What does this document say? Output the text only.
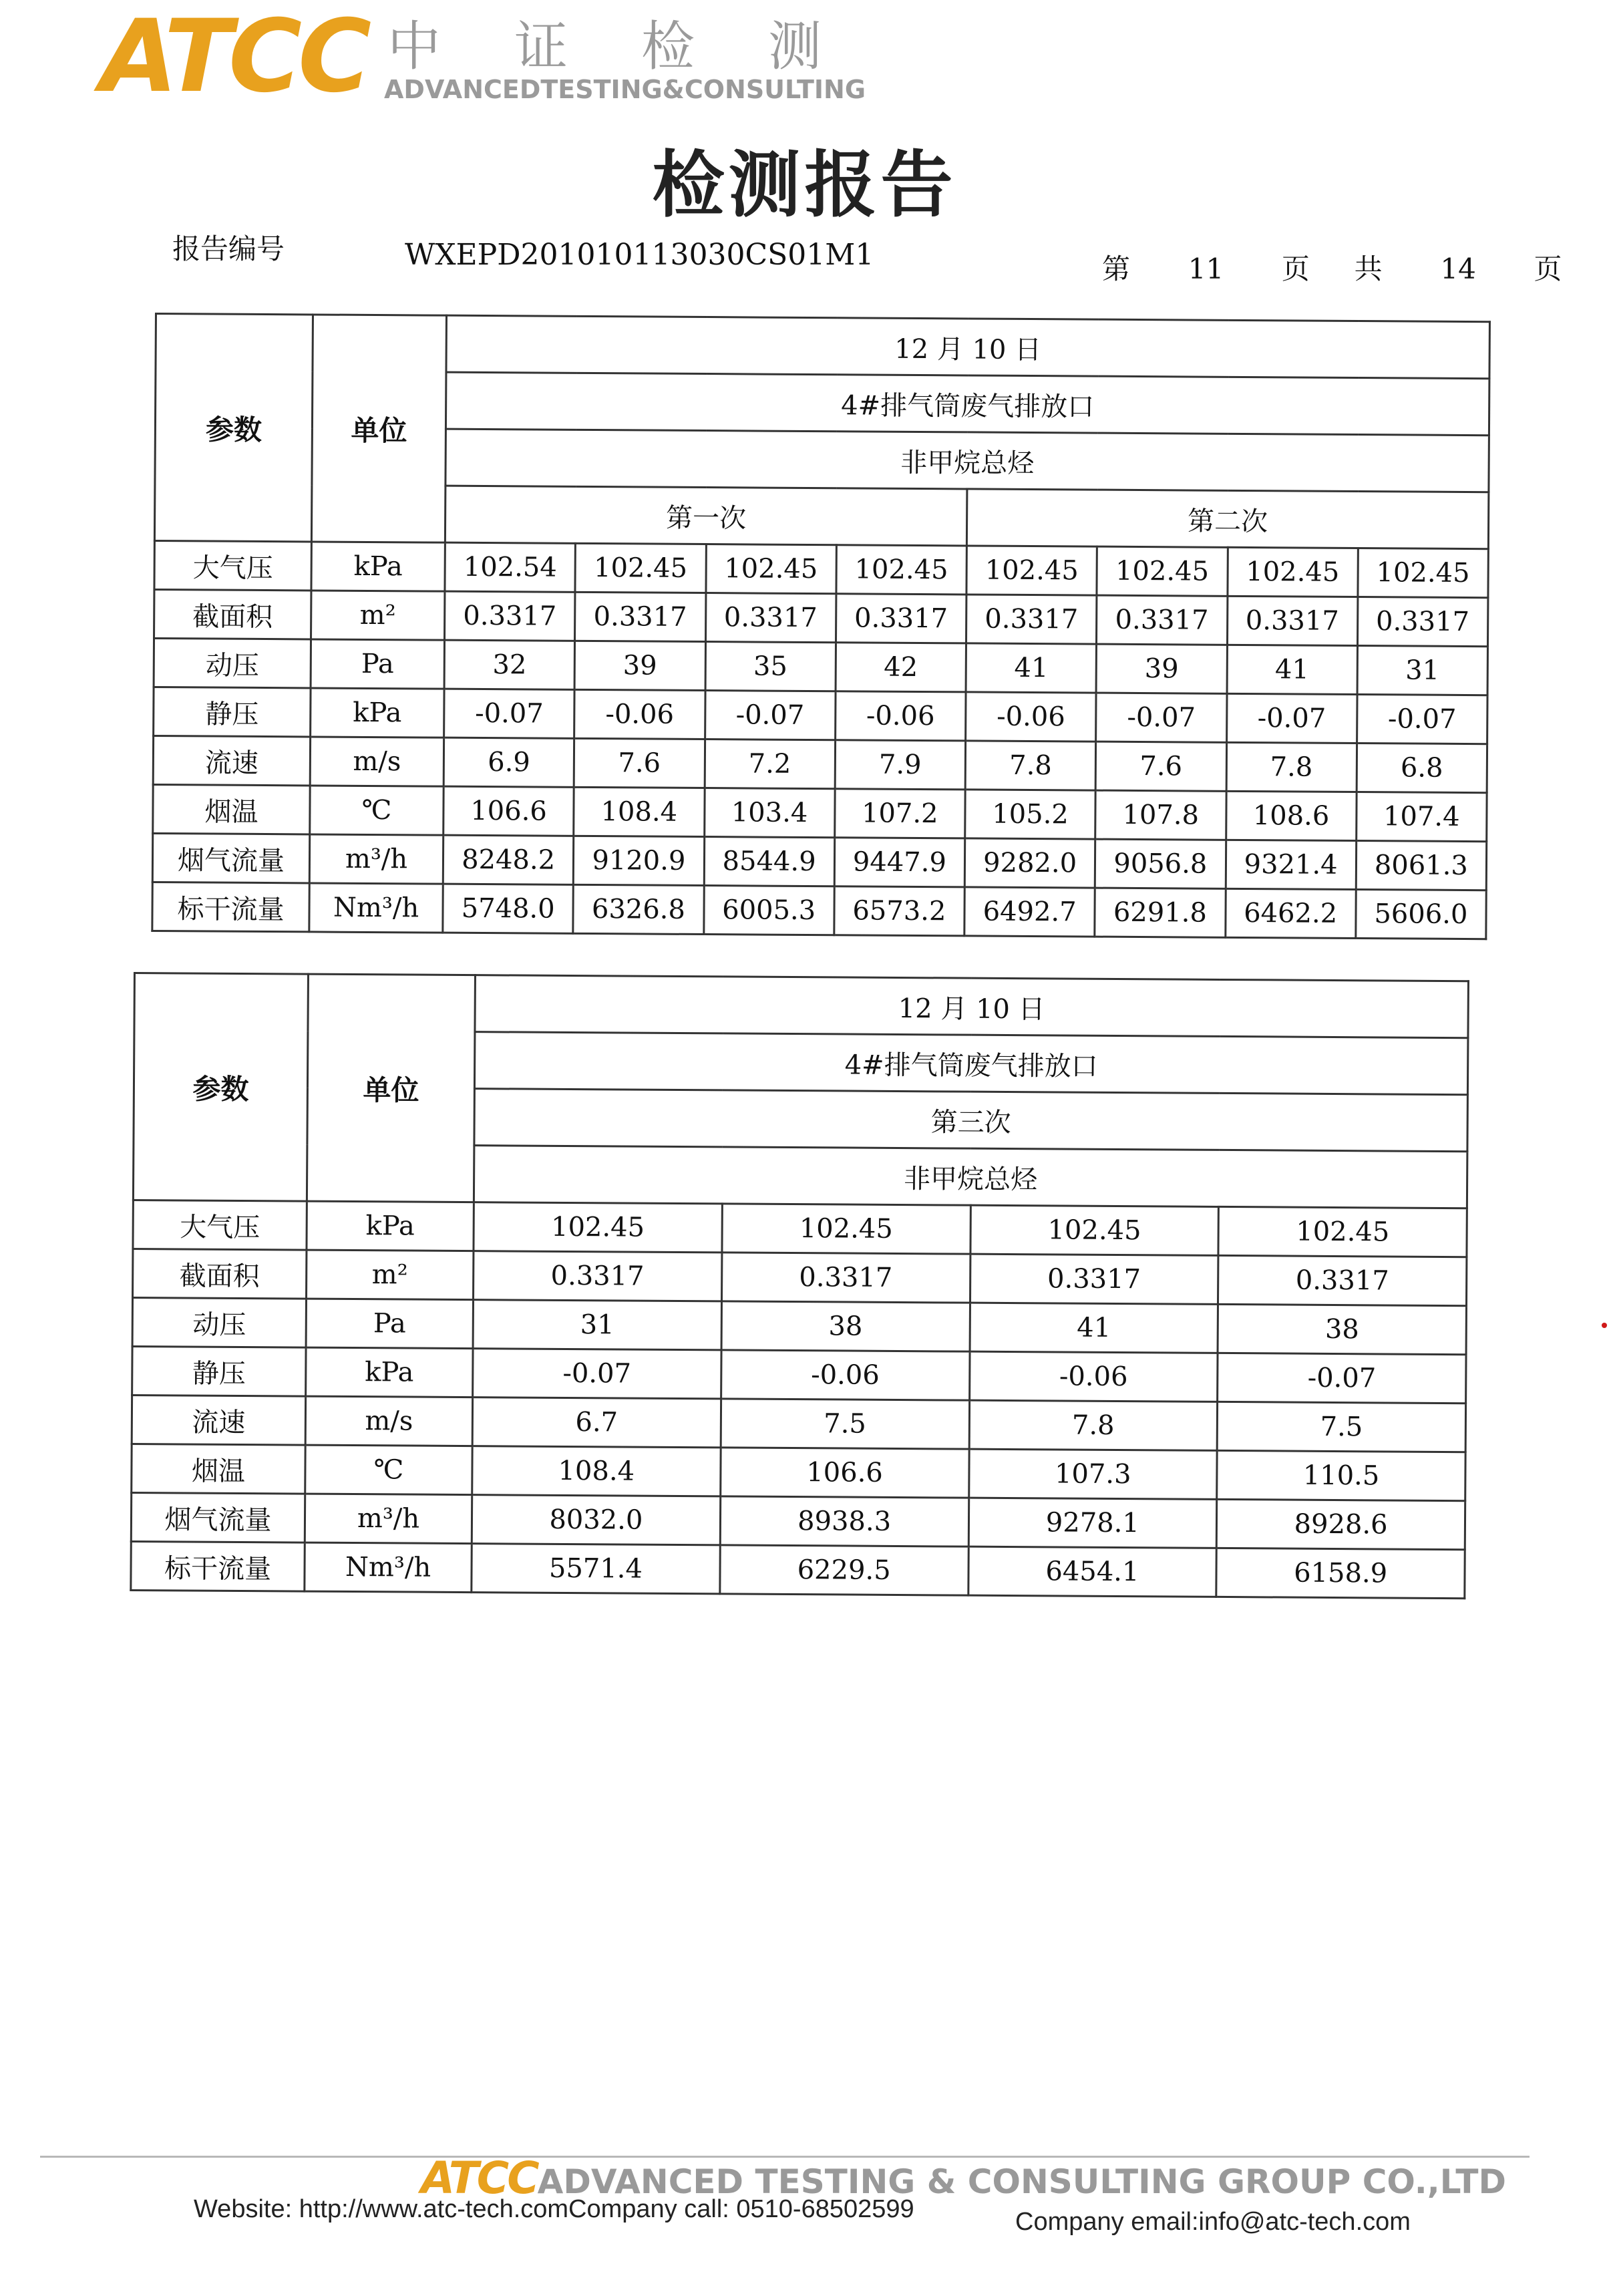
ATCC 中证检测
ADVANCEDTESTING&CONSULTING
检测报告
报告编号	WXEPD201010113030CS01M1	第 11 页 共 14 页
参数	单位	12 月 10 日							
		4#排气筒废气排放口							
		非甲烷总烃							
		第一次				第二次			
大气压	kPa	102.54	102.45	102.45	102.45	102.45	102.45	102.45	102.45
截面积	m²	0.3317	0.3317	0.3317	0.3317	0.3317	0.3317	0.3317	0.3317
动压	Pa	32	39	35	42	41	39	41	31
静压	kPa	-0.07	-0.06	-0.07	-0.06	-0.06	-0.07	-0.07	-0.07
流速	m/s	6.9	7.6	7.2	7.9	7.8	7.6	7.8	6.8
烟温	℃	106.6	108.4	103.4	107.2	105.2	107.8	108.6	107.4
烟气流量	m³/h	8248.2	9120.9	8544.9	9447.9	9282.0	9056.8	9321.4	8061.3
标干流量	Nm³/h	5748.0	6326.8	6005.3	6573.2	6492.7	6291.8	6462.2	5606.0
参数	单位	12 月 10 日			
		4#排气筒废气排放口			
		第三次			
		非甲烷总烃			
大气压	kPa	102.45	102.45	102.45	102.45
截面积	m²	0.3317	0.3317	0.3317	0.3317
动压	Pa	31	38	41	38
静压	kPa	-0.07	-0.06	-0.06	-0.07
流速	m/s	6.7	7.5	7.8	7.5
烟温	℃	108.4	106.6	107.3	110.5
烟气流量	m³/h	8032.0	8938.3	9278.1	8928.6
标干流量	Nm³/h	5571.4	6229.5	6454.1	6158.9
ATCCADVANCED TESTING & CONSULTING GROUP CO.,LTD
Website: http://www.atc-tech.comCompany call: 0510-68502599	Company email:info@atc-tech.com
